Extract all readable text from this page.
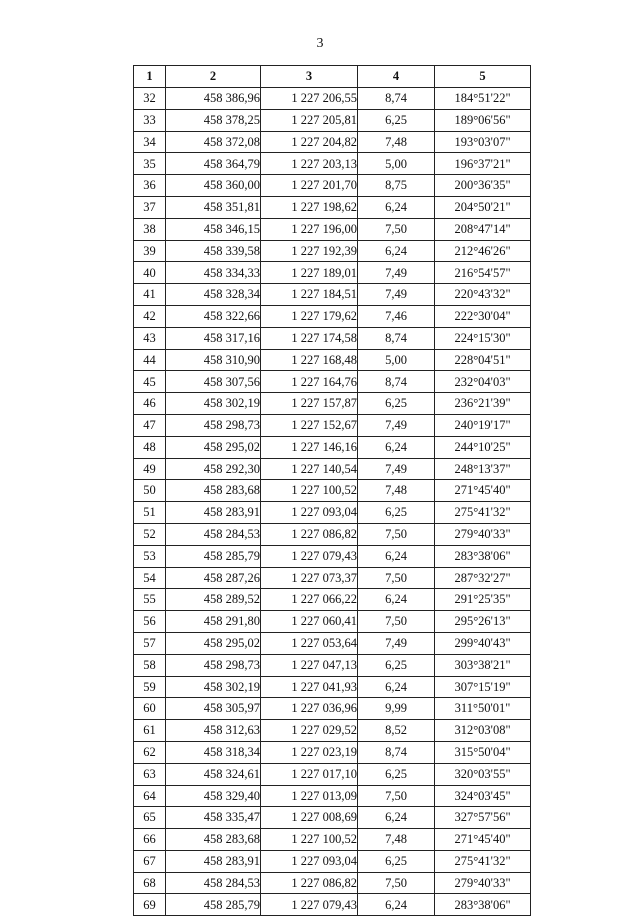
3
1	2	3	4	5
32	458 386,96	1 227 206,55	8,74	184°51'22"
33	458 378,25	1 227 205,81	6,25	189°06'56"
34	458 372,08	1 227 204,82	7,48	193°03'07"
35	458 364,79	1 227 203,13	5,00	196°37'21"
36	458 360,00	1 227 201,70	8,75	200°36'35"
37	458 351,81	1 227 198,62	6,24	204°50'21"
38	458 346,15	1 227 196,00	7,50	208°47'14"
39	458 339,58	1 227 192,39	6,24	212°46'26"
40	458 334,33	1 227 189,01	7,49	216°54'57"
41	458 328,34	1 227 184,51	7,49	220°43'32"
42	458 322,66	1 227 179,62	7,46	222°30'04"
43	458 317,16	1 227 174,58	8,74	224°15'30"
44	458 310,90	1 227 168,48	5,00	228°04'51"
45	458 307,56	1 227 164,76	8,74	232°04'03"
46	458 302,19	1 227 157,87	6,25	236°21'39"
47	458 298,73	1 227 152,67	7,49	240°19'17"
48	458 295,02	1 227 146,16	6,24	244°10'25"
49	458 292,30	1 227 140,54	7,49	248°13'37"
50	458 283,68	1 227 100,52	7,48	271°45'40"
51	458 283,91	1 227 093,04	6,25	275°41'32"
52	458 284,53	1 227 086,82	7,50	279°40'33"
53	458 285,79	1 227 079,43	6,24	283°38'06"
54	458 287,26	1 227 073,37	7,50	287°32'27"
55	458 289,52	1 227 066,22	6,24	291°25'35"
56	458 291,80	1 227 060,41	7,50	295°26'13"
57	458 295,02	1 227 053,64	7,49	299°40'43"
58	458 298,73	1 227 047,13	6,25	303°38'21"
59	458 302,19	1 227 041,93	6,24	307°15'19"
60	458 305,97	1 227 036,96	9,99	311°50'01"
61	458 312,63	1 227 029,52	8,52	312°03'08"
62	458 318,34	1 227 023,19	8,74	315°50'04"
63	458 324,61	1 227 017,10	6,25	320°03'55"
64	458 329,40	1 227 013,09	7,50	324°03'45"
65	458 335,47	1 227 008,69	6,24	327°57'56"
66	458 283,68	1 227 100,52	7,48	271°45'40"
67	458 283,91	1 227 093,04	6,25	275°41'32"
68	458 284,53	1 227 086,82	7,50	279°40'33"
69	458 285,79	1 227 079,43	6,24	283°38'06"
